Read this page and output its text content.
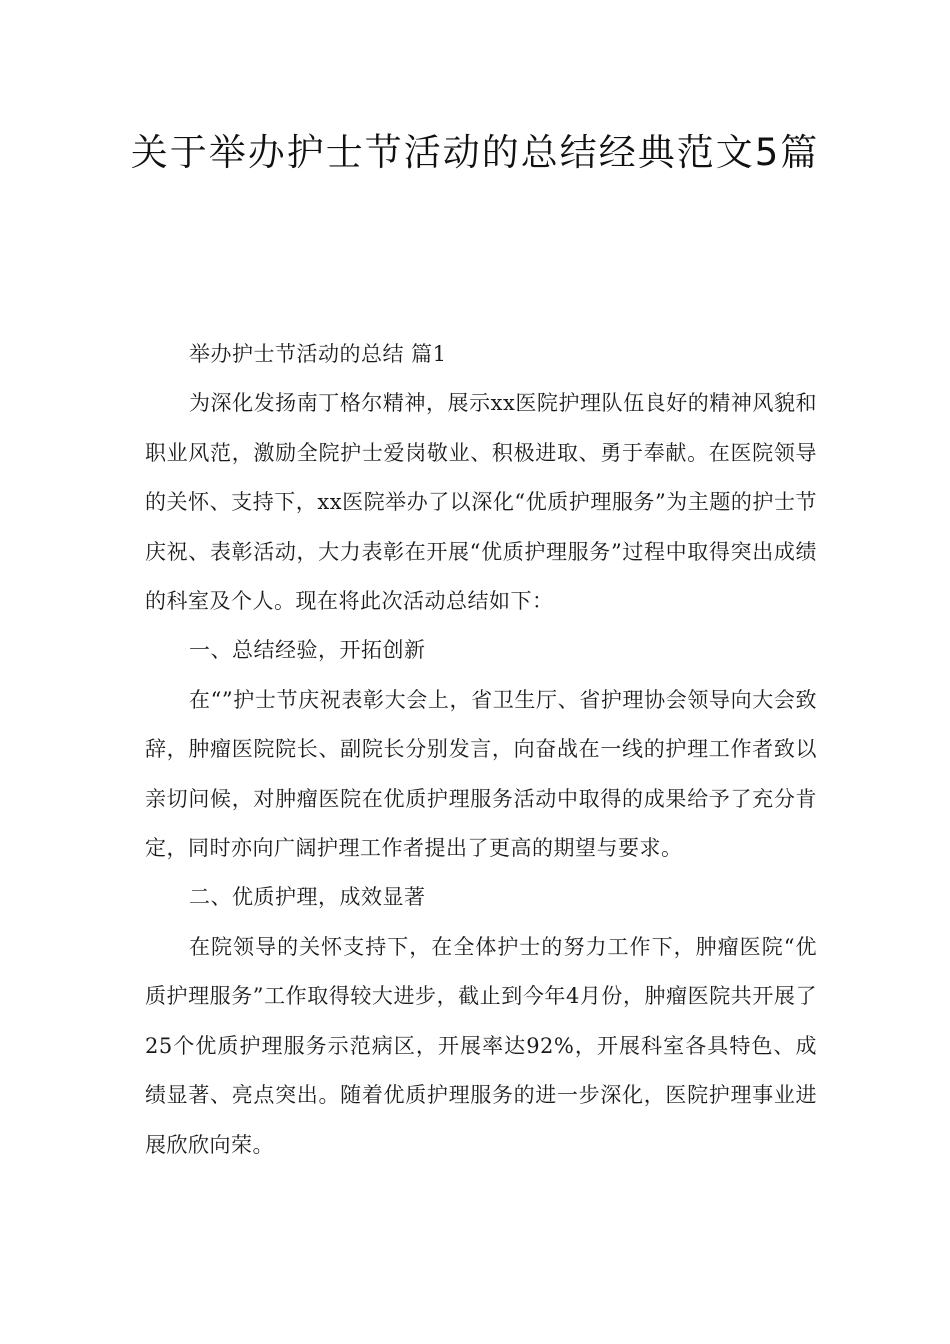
关于举办护士节活动的总结经典范文5篇

举办护士节活动的总结 篇1

为深化发扬南丁格尔精神，展示xx医院护理队伍良好的精神风貌和职业风范，激励全院护士爱岗敬业、积极进取、勇于奉献。在医院领导的关怀、支持下，xx医院举办了以深化“优质护理服务”为主题的护士节庆祝、表彰活动，大力表彰在开展“优质护理服务”过程中取得突出成绩的科室及个人。现在将此次活动总结如下：

一、总结经验，开拓创新

在“”护士节庆祝表彰大会上，省卫生厅、省护理协会领导向大会致辞，肿瘤医院院长、副院长分别发言，向奋战在一线的护理工作者致以亲切问候，对肿瘤医院在优质护理服务活动中取得的成果给予了充分肯定，同时亦向广阔护理工作者提出了更高的期望与要求。

二、优质护理，成效显著

在院领导的关怀支持下，在全体护士的努力工作下，肿瘤医院“优质护理服务”工作取得较大进步，截止到今年4月份，肿瘤医院共开展了25个优质护理服务示范病区，开展率达92%，开展科室各具特色、成绩显著、亮点突出。随着优质护理服务的进一步深化，医院护理事业进展欣欣向荣。
